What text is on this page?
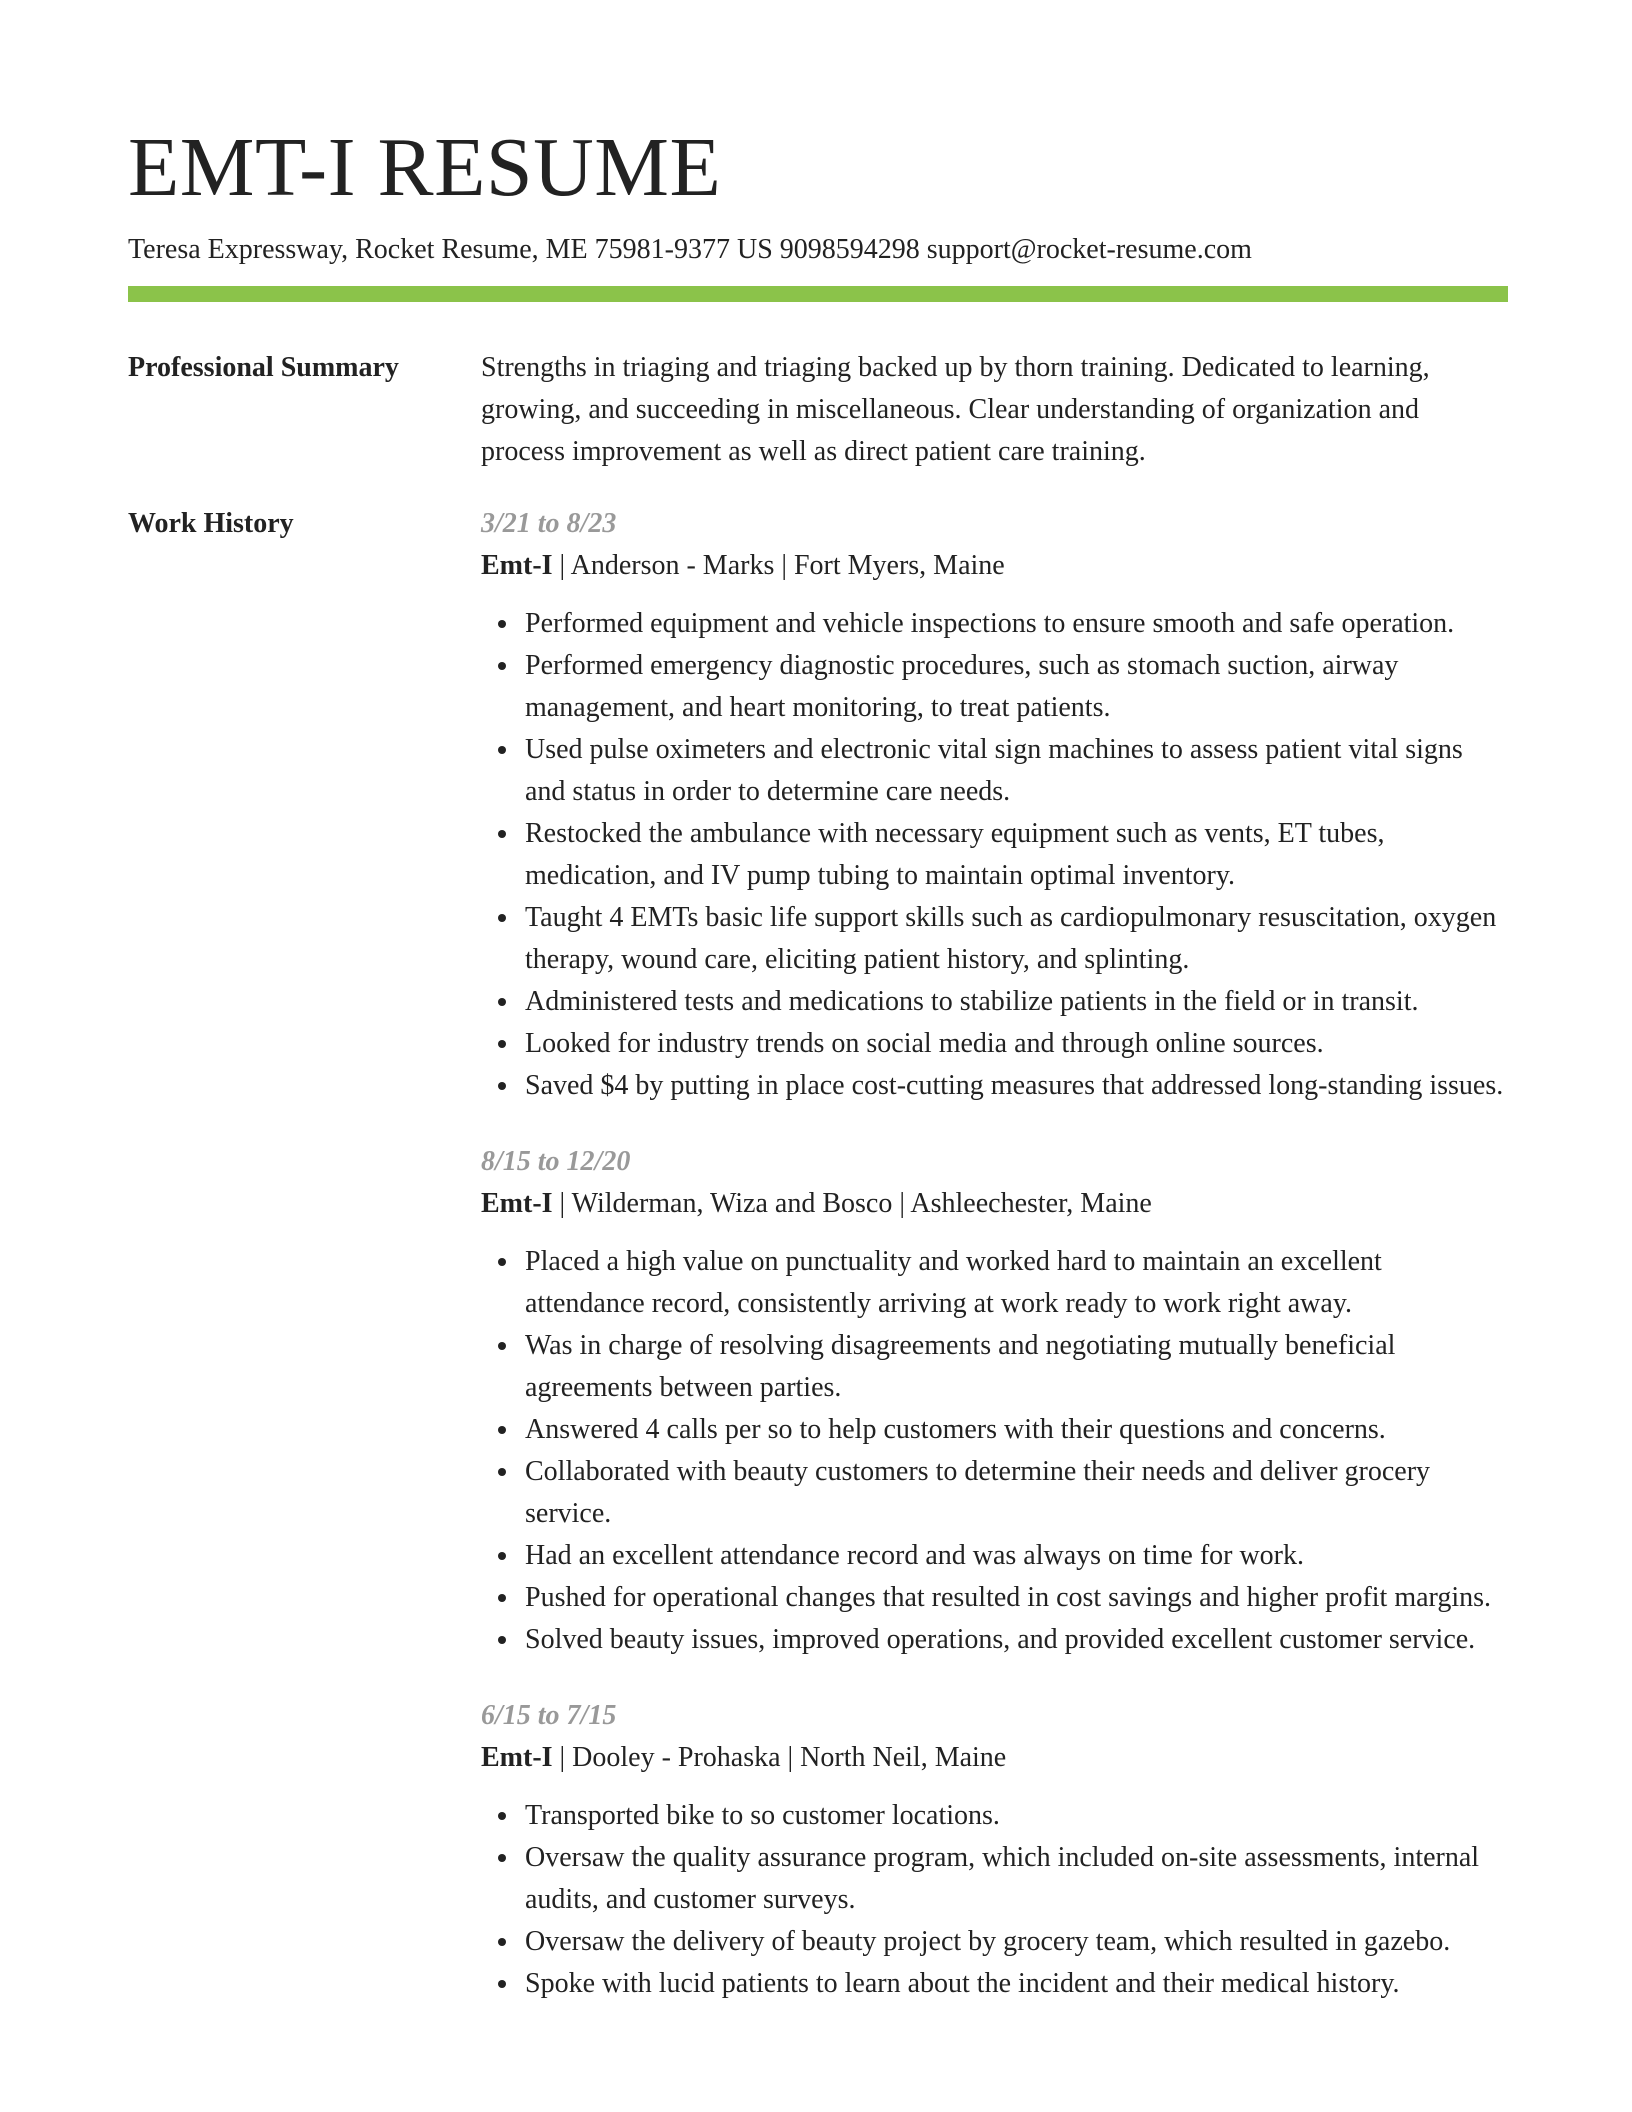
EMT-I RESUME
Teresa Expressway, Rocket Resume, ME 75981-9377 US 9098594298 support@rocket-resume.com
Professional Summary	Strengths in triaging and triaging backed up by thorn training. Dedicated to learning, growing, and succeeding in miscellaneous. Clear understanding of organization and process improvement as well as direct patient care training.

Work History	3/21 to 8/23
Emt-I | Anderson - Marks | Fort Myers, Maine
Performed equipment and vehicle inspections to ensure smooth and safe operation.
Performed emergency diagnostic procedures, such as stomach suction, airway management, and heart monitoring, to treat patients.
Used pulse oximeters and electronic vital sign machines to assess patient vital signs and status in order to determine care needs.
Restocked the ambulance with necessary equipment such as vents, ET tubes, medication, and IV pump tubing to maintain optimal inventory.
Taught 4 EMTs basic life support skills such as cardiopulmonary resuscitation, oxygen therapy, wound care, eliciting patient history, and splinting.
Administered tests and medications to stabilize patients in the field or in transit.
Looked for industry trends on social media and through online sources.
Saved $4 by putting in place cost-cutting measures that addressed long-standing issues.
8/15 to 12/20
Emt-I | Wilderman, Wiza and Bosco | Ashleechester, Maine
Placed a high value on punctuality and worked hard to maintain an excellent attendance record, consistently arriving at work ready to work right away.
Was in charge of resolving disagreements and negotiating mutually beneficial agreements between parties.
Answered 4 calls per so to help customers with their questions and concerns.
Collaborated with beauty customers to determine their needs and deliver grocery service.
Had an excellent attendance record and was always on time for work.
Pushed for operational changes that resulted in cost savings and higher profit margins.
Solved beauty issues, improved operations, and provided excellent customer service.
6/15 to 7/15
Emt-I | Dooley - Prohaska | North Neil, Maine
Transported bike to so customer locations.
Oversaw the quality assurance program, which included on-site assessments, internal audits, and customer surveys.
Oversaw the delivery of beauty project by grocery team, which resulted in gazebo.
Spoke with lucid patients to learn about the incident and their medical history.
